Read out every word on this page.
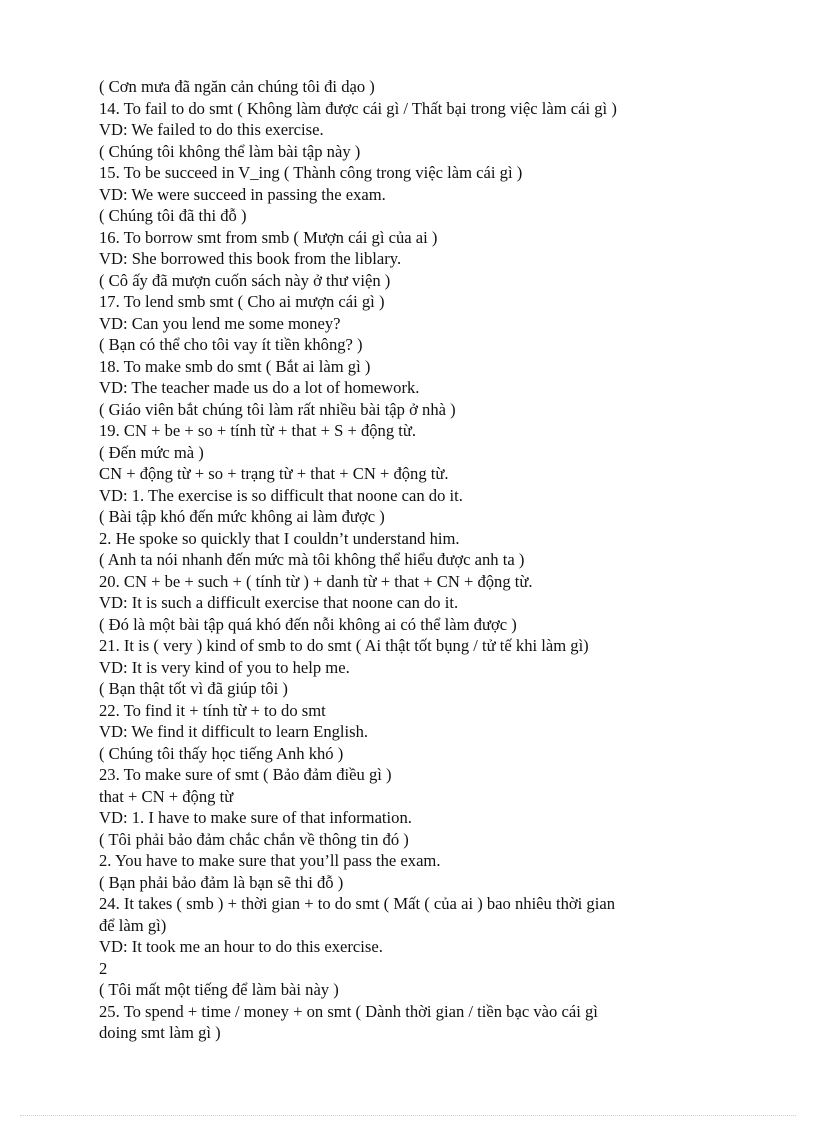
( Cơn mưa đã ngăn cản chúng tôi đi dạo )

14. To fail to do smt ( Không làm được cái gì / Thất bại trong việc làm cái gì )

VD: We failed to do this exercise.

( Chúng tôi không thể làm bài tập này )

15. To be succeed in V_ing ( Thành công trong việc làm cái gì )

VD: We were succeed in passing the exam.

( Chúng tôi đã thi đỗ )

16. To borrow smt from smb ( Mượn cái gì của ai )

VD: She borrowed this book from the liblary.

( Cô ấy đã mượn cuốn sách này ở thư viện )

17. To lend smb smt ( Cho ai mượn cái gì )

VD: Can you lend me some money?

( Bạn có thể cho tôi vay ít tiền không? )

18. To make smb do smt ( Bắt ai làm gì )

VD: The teacher made us do a lot of homework.

( Giáo viên bắt chúng tôi làm rất nhiều bài tập ở nhà )

19. CN + be + so + tính từ + that + S + động từ.

( Đến mức mà )

CN + động từ + so + trạng từ + that + CN + động từ.

VD: 1. The exercise is so difficult that noone can do it.

( Bài tập khó đến mức không ai làm được )

2. He spoke so quickly that I couldn’t understand him.

( Anh ta nói nhanh đến mức mà tôi không thể hiểu được anh ta )

20. CN + be + such + ( tính từ ) + danh từ + that + CN + động từ.

VD: It is such a difficult exercise that noone can do it.

( Đó là một bài tập quá khó đến nỗi không ai có thể làm được )

21. It is ( very ) kind of smb to do smt ( Ai thật tốt bụng / tử tế khi làm gì)

VD: It is very kind of you to help me.

( Bạn thật tốt vì đã giúp tôi )

22. To find it + tính từ + to do smt

VD: We find it difficult to learn English.

( Chúng tôi thấy học tiếng Anh khó )

23. To make sure of smt ( Bảo đảm điều gì )

that + CN + động từ

VD: 1. I have to make sure of that information.

( Tôi phải bảo đảm chắc chắn về thông tin đó )

2. You have to make sure that you’ll pass the exam.

( Bạn phải bảo đảm là bạn sẽ thi đỗ )

24. It takes ( smb ) + thời gian + to do smt ( Mất ( của ai ) bao nhiêu thời gian

để làm gì)

VD: It took me an hour to do this exercise.

2

( Tôi mất một tiếng để làm bài này )

25. To spend + time / money + on smt ( Dành thời gian / tiền bạc vào cái gì

doing smt làm gì )
